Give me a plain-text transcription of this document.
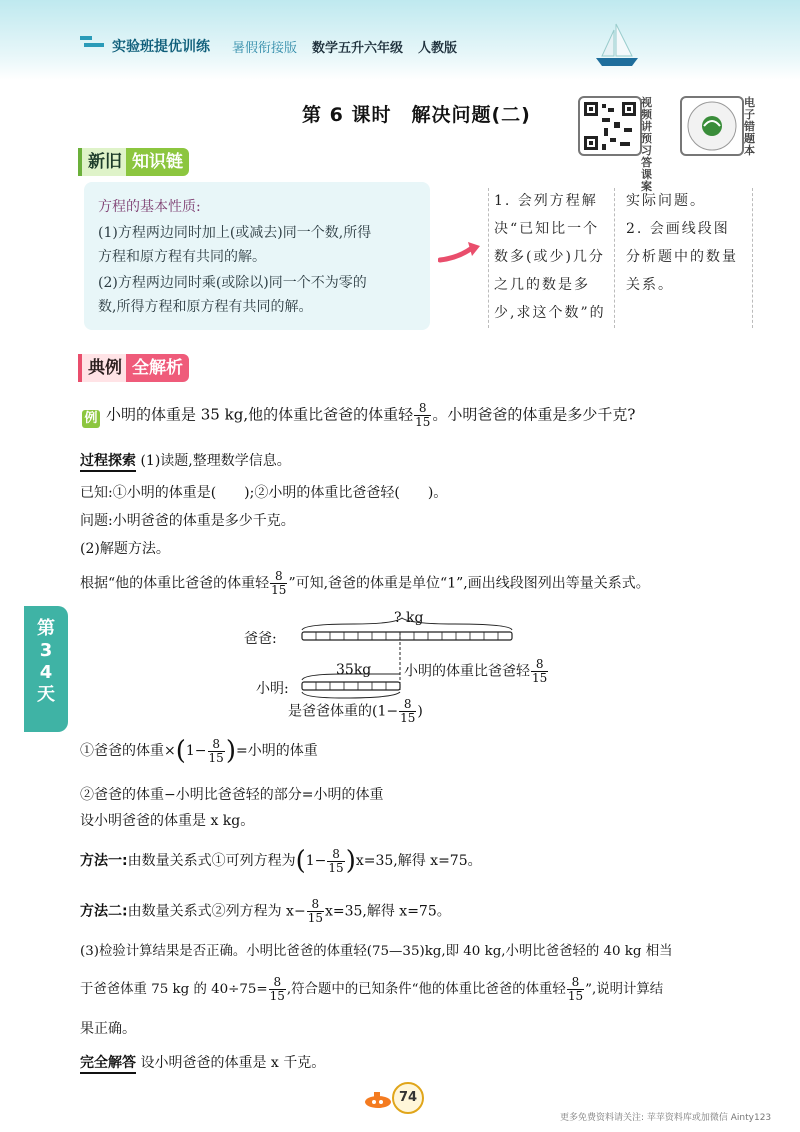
实验班提优训练 暑假衔接版 数学五升六年级 人教版
第 6 课时　解决问题(二)
视频讲预习答课案
电子错题本
新旧 知识链
方程的基本性质:
(1)方程两边同时加上(或减去)同一个数,所得
方程和原方程有共同的解。
(2)方程两边同时乘(或除以)同一个不为零的
数,所得方程和原方程有共同的解。
1. 会列方程解
决“已知比一个
数多(或少)几分
之几的数是多
少,求这个数”的
实际问题。
2. 会画线段图
分析题中的数量
关系。
典例 全解析
例 小明的体重是 35 kg,他的体重比爸爸的体重轻 $\frac{8}{15}$ 。小明爸爸的体重是多少千克?
过程探索 (1)读题,整理数学信息。
已知:①小明的体重是(　　);②小明的体重比爸爸轻(　　)。
问题:小明爸爸的体重是多少千克。
(2)解题方法。
根据“他的体重比爸爸的体重轻 $\frac{8}{15}$ ”可知,爸爸的体重是单位“1”,画出线段图列出等量关系式。
第34天
爸爸:
? kg
小明:
35kg 小明的体重比爸爸轻 $\frac{8}{15}$
是爸爸体重的($1- \frac{8}{15}$ )
①爸爸的体重$\times(1- \frac{8}{15}$ )=小明的体重
②爸爸的体重−小明比爸爸轻的部分=小明的体重
设小明爸爸的体重是 x kg。
方法一:由数量关系式①可列方程为$(1- \frac{8}{15} )x=35$,解得 x=75。
方法二:由数量关系式②列方程为 $x- \frac{8}{15} x=35$,解得 x=75。
(3)检验计算结果是否正确。小明比爸爸的体重轻(75—35)kg,即 40 kg,小明比爸爸轻的 40 kg 相当
于爸爸体重 75 kg 的 $40\div 75= \frac{8}{15}$ ,符合题中的已知条件“他的体重比爸爸的体重轻 $\frac{8}{15}$ ”,说明计算结
果正确。
完全解答 设小明爸爸的体重是 x 千克。
74
更多免费资料请关注: 苹苹资料库或加微信 Ainty123
